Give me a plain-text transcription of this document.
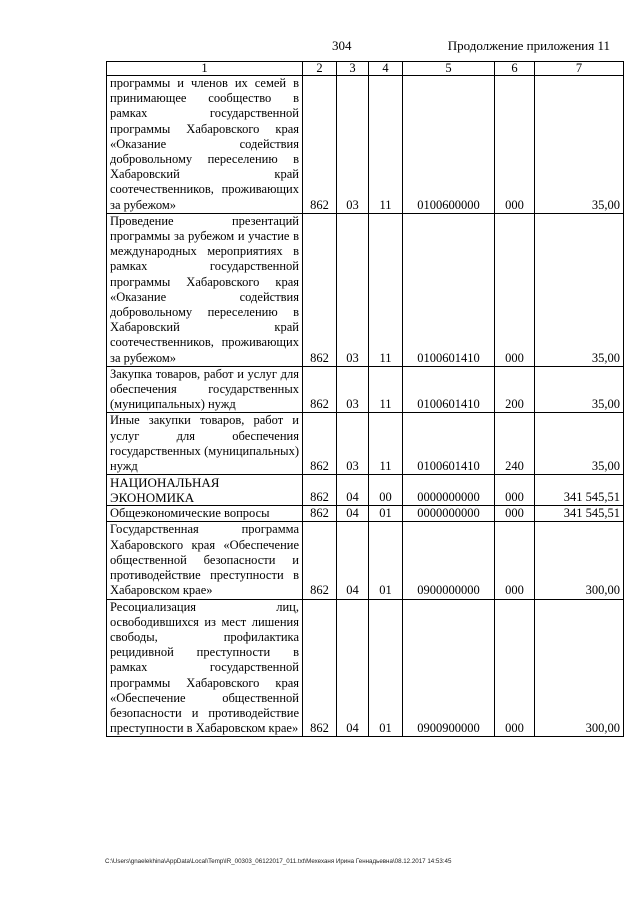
304	Продолжение приложения 11
1	2	3	4	5	6	7
программы и членов их семей в принимающее сообщество в рамках государственной программы Хабаровского края «Оказание содействия добровольному переселению в Хабаровский край соотечественников, проживающих за рубежом»	862	03	11	0100600000	000	35,00
Проведение презентаций программы за рубежом и участие в международных мероприятиях в рамках государственной программы Хабаровского края «Оказание содействия добровольному переселению в Хабаровский край соотечественников, проживающих за рубежом»	862	03	11	0100601410	000	35,00
Закупка товаров, работ и услуг для обеспечения государственных (муниципальных) нужд	862	03	11	0100601410	200	35,00
Иные закупки товаров, работ и услуг для обеспечения государственных (муниципальных) нужд	862	03	11	0100601410	240	35,00
НАЦИОНАЛЬНАЯ ЭКОНОМИКА	862	04	00	0000000000	000	341 545,51
Общеэкономические вопросы	862	04	01	0000000000	000	341 545,51
Государственная программа Хабаровского края «Обеспечение общественной безопасности и противодействие преступности в Хабаровском крае»	862	04	01	0900000000	000	300,00
Ресоциализация лиц, освободившихся из мест лишения свободы, профилактика рецидивной преступности в рамках государственной программы Хабаровского края «Обеспечение общественной безопасности и противодействие преступности в Хабаровском крае»	862	04	01	0900900000	000	300,00
C:\Users\gnaelekhina\AppData\Local\Temp\IR_00303_06122017_011.txt\Мехеханя Ирина Геннадьевна\08.12.2017 14:53:45
